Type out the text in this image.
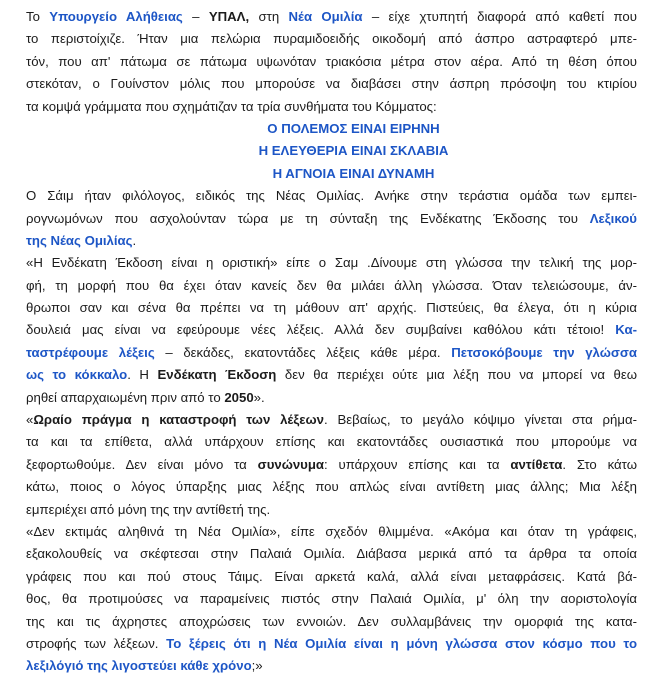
Το Υπουργείο Αλήθειας – ΥΠΑΛ, στη Νέα Ομιλία – είχε χτυπητή διαφορά από καθετί που
το περιστοίχιζε. Ήταν μια πελώρια πυραμιδοειδής οικοδομή από άσπρο αστραφτερό μπε-
τόν, που απ' πάτωμα σε πάτωμα υψωνόταν τριακόσια μέτρα στον αέρα. Από τη θέση όπου
στεκόταν, ο Γουίνστον μόλις που μπορούσε να διαβάσει στην άσπρη πρόσοψη του κτιρίου
τα κομψά γράμματα που σχημάτιζαν τα τρία συνθήματα του Κόμματος:
Ο ΠΟΛΕΜΟΣ ΕΙΝΑΙ ΕΙΡΗΝΗ
Η ΕΛΕΥΘΕΡΙΑ ΕΙΝΑΙ ΣΚΛΑΒΙΑ
Η ΑΓΝΟΙΑ ΕΙΝΑΙ ΔΥΝΑΜΗ
Ο Σάιμ ήταν φιλόλογος, ειδικός της Νέας Ομιλίας. Ανήκε στην τεράστια ομάδα των εμπει-
ρογνωμόνων που ασχολούνταν τώρα με τη σύνταξη της Ενδέκατης Έκδοσης του Λεξικού
της Νέας Ομιλίας.
«Η Ενδέκατη Έκδοση είναι η οριστική» είπε ο Σαμ .Δίνουμε στη γλώσσα την τελική της μορ-
φή, τη μορφή που θα έχει όταν κανείς δεν θα μιλάει άλλη γλώσσα. Όταν τελειώσουμε, άν-
θρωποι σαν και σένα θα πρέπει να τη μάθουν απ' αρχής. Πιστεύεις, θα έλεγα, ότι η κύρια
δουλειά μας είναι να εφεύρουμε νέες λέξεις. Αλλά δεν συμβαίνει καθόλου κάτι τέτοιο! Κα-
ταστρέφουμε λέξεις – δεκάδες, εκατοντάδες λέξεις κάθε μέρα. Πετσοκόβουμε την γλώσσα
ως το κόκκαλο. Η Ενδέκατη Έκδοση δεν θα περιέχει ούτε μια λέξη που να μπορεί να θεω
ρηθεί απαρχαιωμένη πριν από το 2050».
«Ωραίο πράγμα η καταστροφή των λέξεων. Βεβαίως, το μεγάλο κόψιμο γίνεται στα ρήμα-
τα και τα επίθετα, αλλά υπάρχουν επίσης και εκατοντάδες ουσιαστικά που μπορούμε να
ξεφορτωθούμε. Δεν είναι μόνο τα συνώνυμα: υπάρχουν επίσης και τα αντίθετα. Στο κάτω
κάτω, ποιος ο λόγος ύπαρξης μιας λέξης που απλώς είναι αντίθετη μιας άλλης; Μια λέξη
εμπεριέχει από μόνη της την αντίθετή της.
«Δεν εκτιμάς αληθινά τη Νέα Ομιλία», είπε σχεδόν θλιμμένα. «Ακόμα και όταν τη γράφεις,
εξακολουθείς να σκέφτεσαι στην Παλαιά Ομιλία. Διάβασα μερικά από τα άρθρα τα οποία
γράφεις που και πού στους Τάιμς. Είναι αρκετά καλά, αλλά είναι μεταφράσεις. Κατά βά-
θος, θα προτιμούσες να παραμείνεις πιστός στην Παλαιά Ομιλία, μ' όλη την αοριστολογία
της και τις άχρηστες αποχρώσεις των εννοιών. Δεν συλλαμβάνεις την ομορφιά της κατα-
στροφής των λέξεων. Το ξέρεις ότι η Νέα Ομιλία είναι η μόνη γλώσσα στον κόσμο που το
λεξιλόγιό της λιγοστεύει κάθε χρόνο;»
